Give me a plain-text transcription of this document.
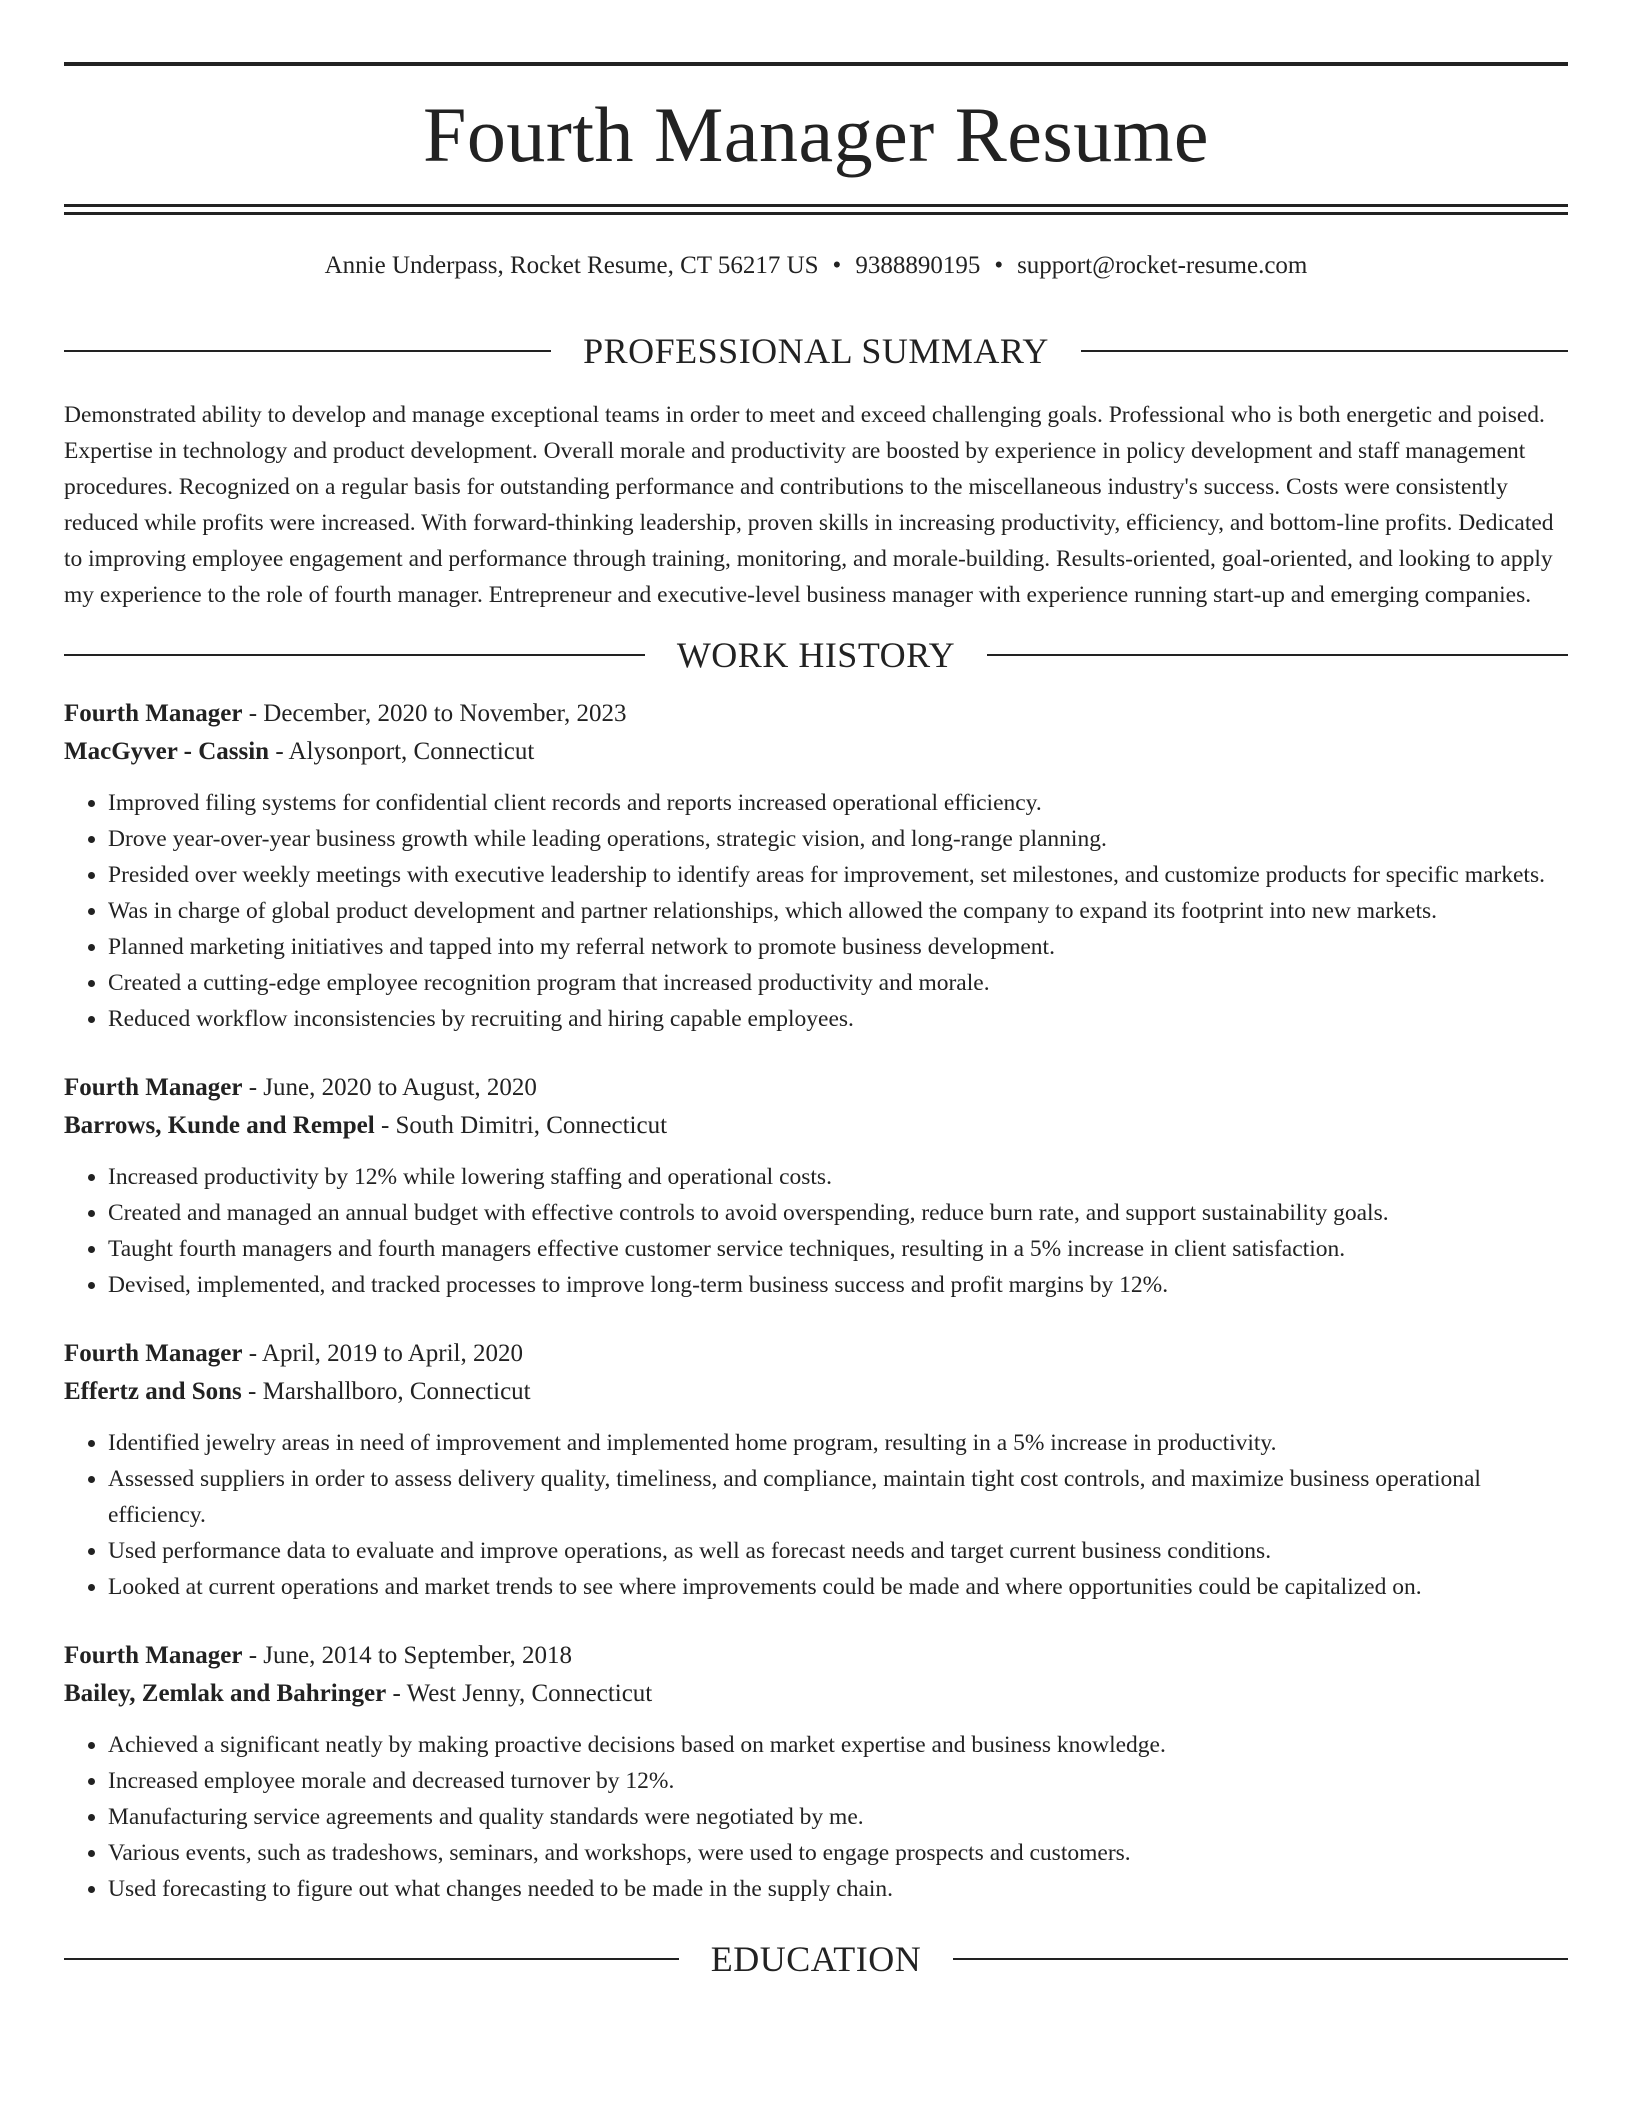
Fourth Manager Resume
Annie Underpass, Rocket Resume, CT 56217 US • 9388890195 • support@rocket-resume.com
PROFESSIONAL SUMMARY

Demonstrated ability to develop and manage exceptional teams in order to meet and exceed challenging goals. Professional who is both energetic and poised. Expertise in technology and product development. Overall morale and productivity are boosted by experience in policy development and staff management procedures. Recognized on a regular basis for outstanding performance and contributions to the miscellaneous industry's success. Costs were consistently reduced while profits were increased. With forward-thinking leadership, proven skills in increasing productivity, efficiency, and bottom-line profits. Dedicated to improving employee engagement and performance through training, monitoring, and morale-building. Results-oriented, goal-oriented, and looking to apply my experience to the role of fourth manager. Entrepreneur and executive-level business manager with experience running start-up and emerging companies.

WORK HISTORY
Fourth Manager - December, 2020 to November, 2023
MacGyver - Cassin - Alysonport, Connecticut
• Improved filing systems for confidential client records and reports increased operational efficiency.
• Drove year-over-year business growth while leading operations, strategic vision, and long-range planning.
• Presided over weekly meetings with executive leadership to identify areas for improvement, set milestones, and customize products for specific markets.
• Was in charge of global product development and partner relationships, which allowed the company to expand its footprint into new markets.
• Planned marketing initiatives and tapped into my referral network to promote business development.
• Created a cutting-edge employee recognition program that increased productivity and morale.
• Reduced workflow inconsistencies by recruiting and hiring capable employees.
Fourth Manager - June, 2020 to August, 2020
Barrows, Kunde and Rempel - South Dimitri, Connecticut
• Increased productivity by 12% while lowering staffing and operational costs.
• Created and managed an annual budget with effective controls to avoid overspending, reduce burn rate, and support sustainability goals.
• Taught fourth managers and fourth managers effective customer service techniques, resulting in a 5% increase in client satisfaction.
• Devised, implemented, and tracked processes to improve long-term business success and profit margins by 12%.
Fourth Manager - April, 2019 to April, 2020
Effertz and Sons - Marshallboro, Connecticut
• Identified jewelry areas in need of improvement and implemented home program, resulting in a 5% increase in productivity.
• Assessed suppliers in order to assess delivery quality, timeliness, and compliance, maintain tight cost controls, and maximize business operational efficiency.
• Used performance data to evaluate and improve operations, as well as forecast needs and target current business conditions.
• Looked at current operations and market trends to see where improvements could be made and where opportunities could be capitalized on.
Fourth Manager - June, 2014 to September, 2018
Bailey, Zemlak and Bahringer - West Jenny, Connecticut
• Achieved a significant neatly by making proactive decisions based on market expertise and business knowledge.
• Increased employee morale and decreased turnover by 12%.
• Manufacturing service agreements and quality standards were negotiated by me.
• Various events, such as tradeshows, seminars, and workshops, were used to engage prospects and customers.
• Used forecasting to figure out what changes needed to be made in the supply chain.
EDUCATION
